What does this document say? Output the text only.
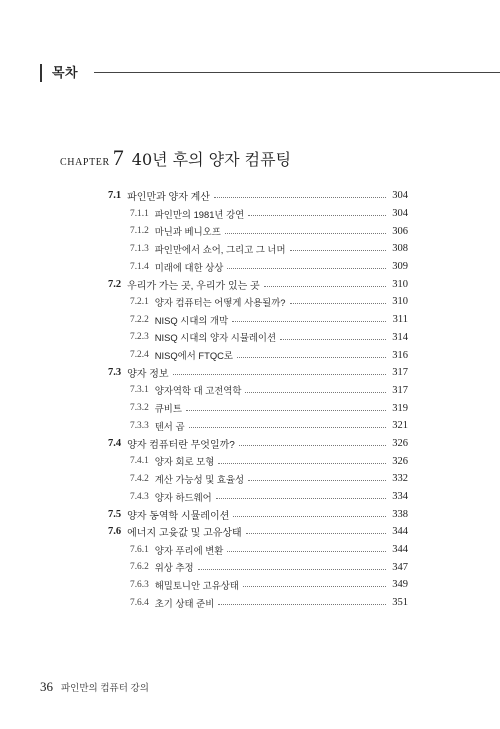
목차
CHAPTER 7 40년 후의 양자 컴퓨팅
7.1 파인만과 양자 계산	304
7.1.1 파인만의 1981년 강연	304
7.1.2 마닌과 베니오프	306
7.1.3 파인만에서 쇼어, 그리고 그 너머	308
7.1.4 미래에 대한 상상	309
7.2 우리가 가는 곳, 우리가 있는 곳	310
7.2.1 양자 컴퓨터는 어떻게 사용될까?	310
7.2.2 NISQ 시대의 개막	311
7.2.3 NISQ 시대의 양자 시뮬레이션	314
7.2.4 NISQ에서 FTQC로	316
7.3 양자 정보	317
7.3.1 양자역학 대 고전역학	317
7.3.2 큐비트	319
7.3.3 텐서 곱	321
7.4 양자 컴퓨터란 무엇일까?	326
7.4.1 양자 회로 모형	326
7.4.2 계산 가능성 및 효율성	332
7.4.3 양자 하드웨어	334
7.5 양자 동역학 시뮬레이션	338
7.6 에너지 고윳값 및 고유상태	344
7.6.1 양자 푸리에 변환	344
7.6.2 위상 추정	347
7.6.3 해밀토니안 고유상태	349
7.6.4 초기 상태 준비	351
36 파인만의 컴퓨터 강의
